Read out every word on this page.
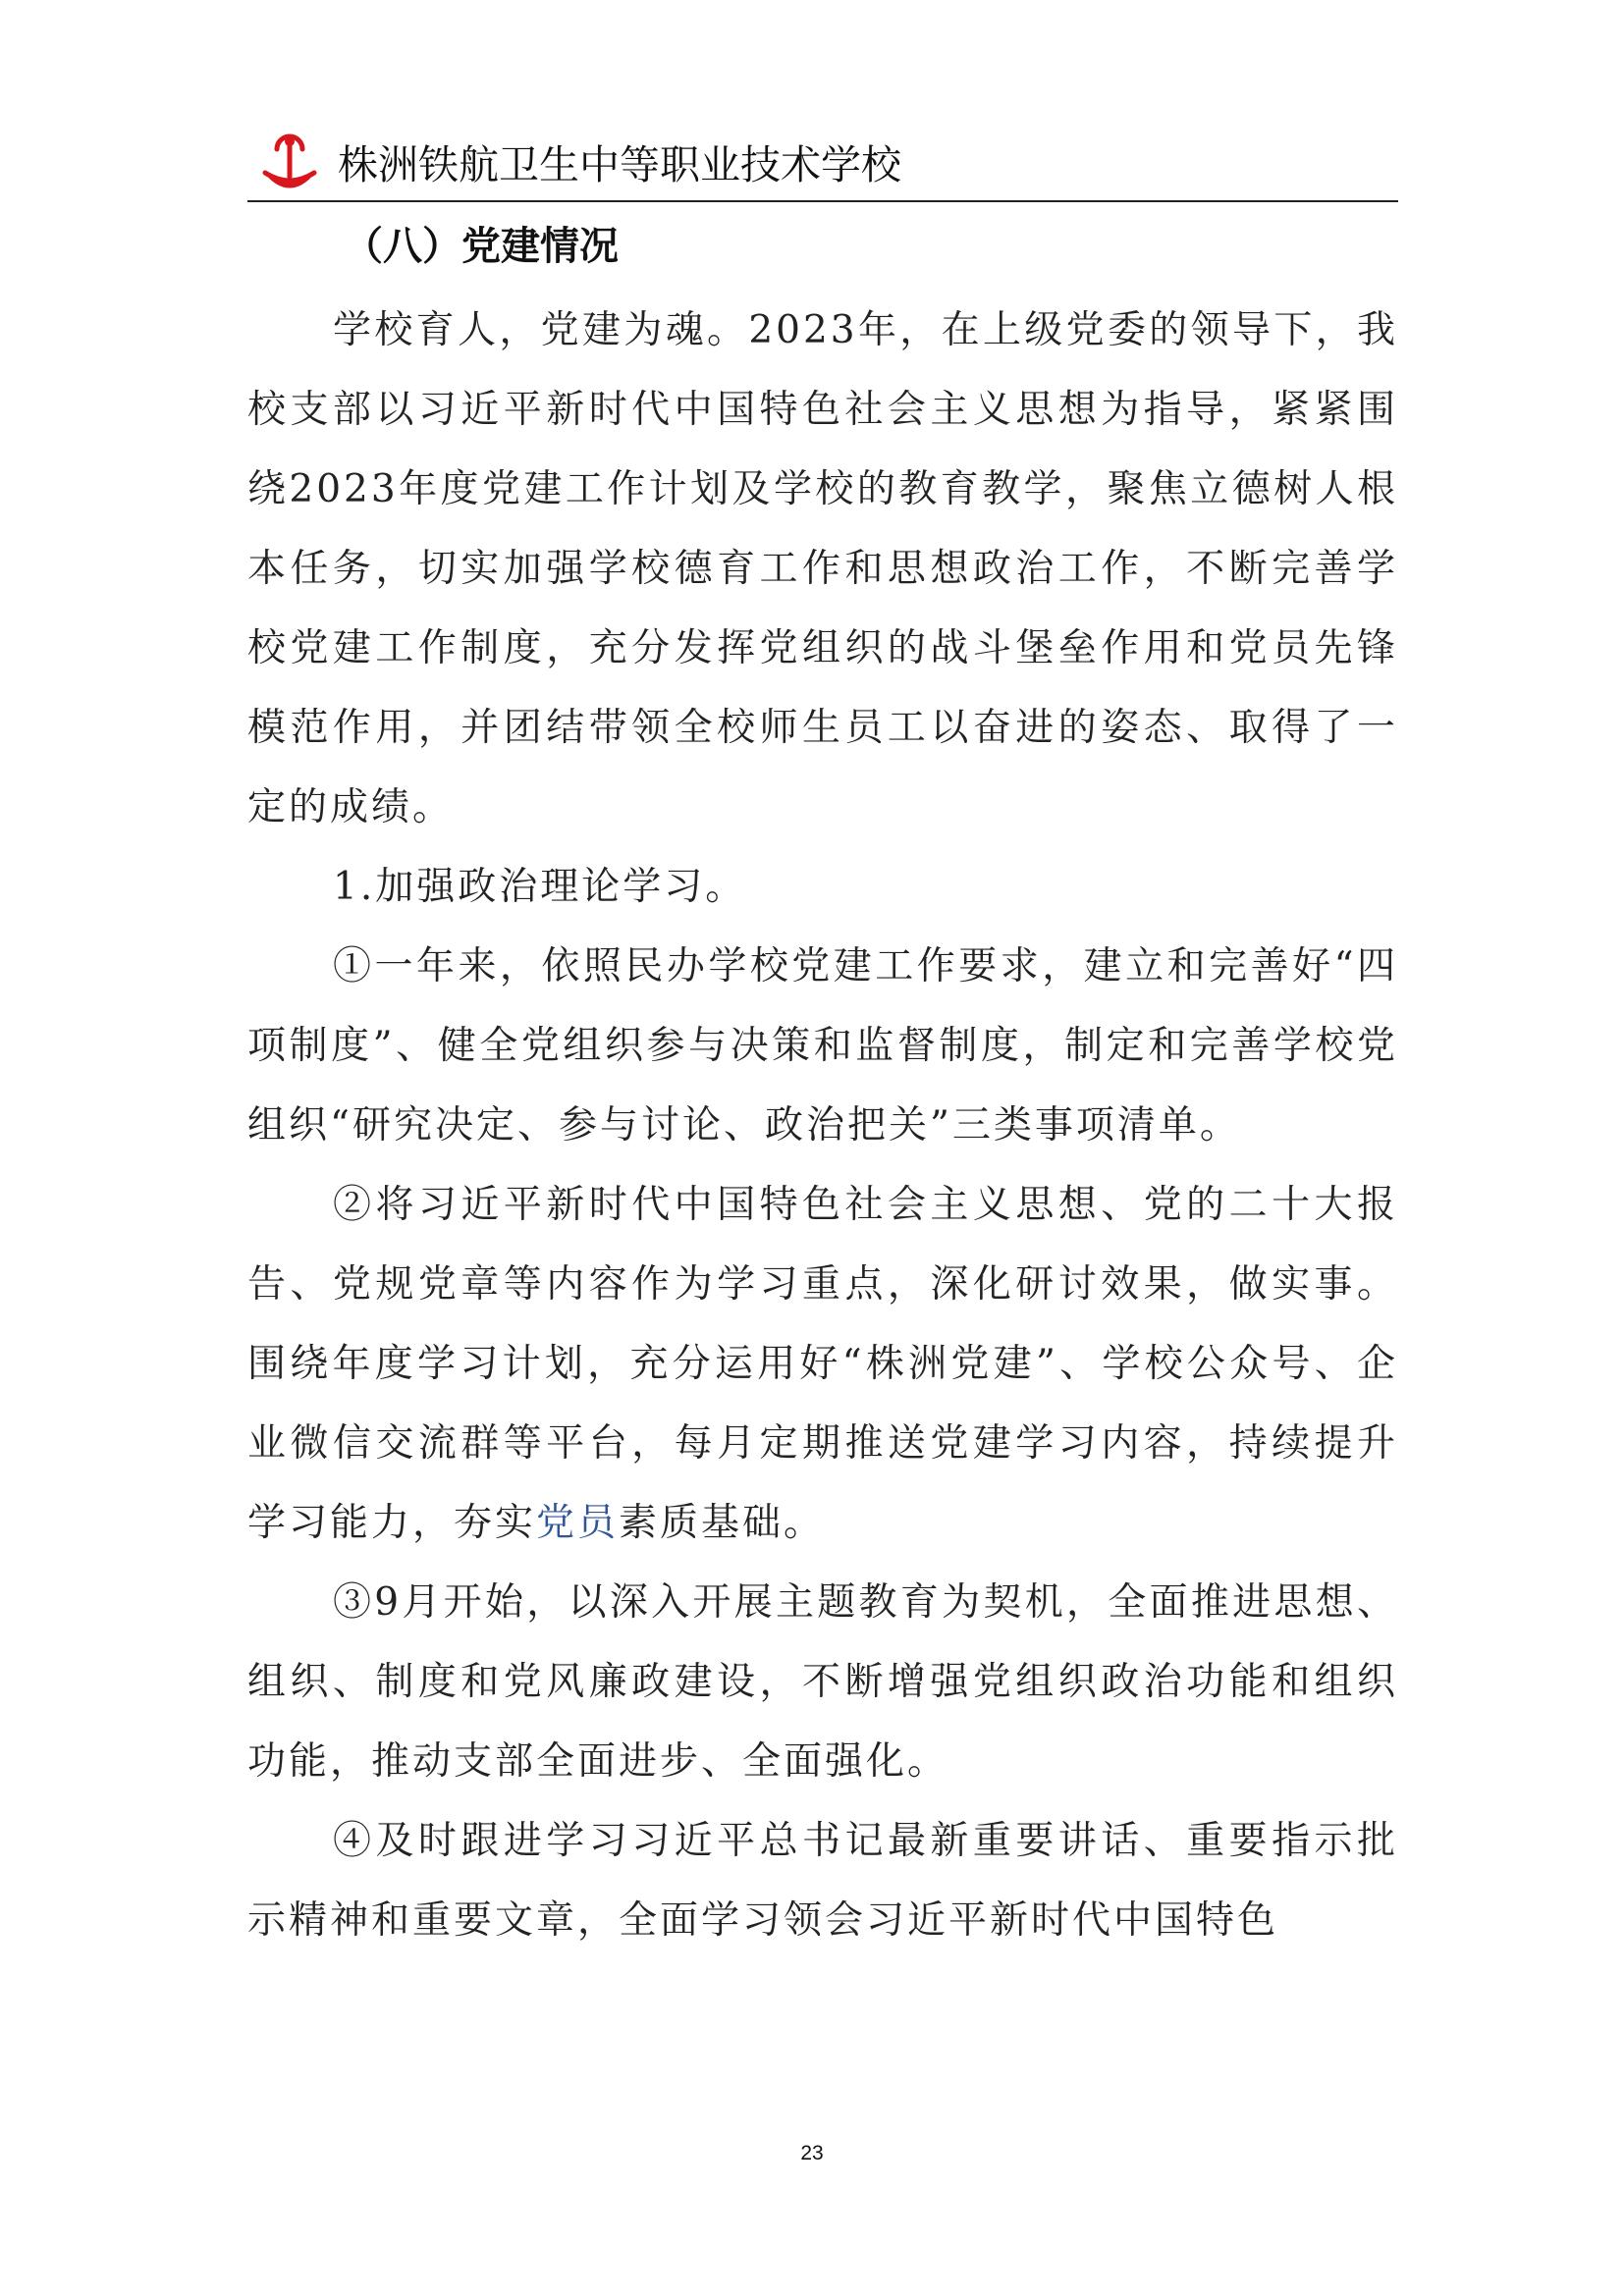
株洲铁航卫生中等职业技术学校
（八）党建情况

学校育人，党建为魂。2023年，在上级党委的领导下，我校支部以习近平新时代中国特色社会主义思想为指导，紧紧围绕2023年度党建工作计划及学校的教育教学，聚焦立德树人根本任务，切实加强学校德育工作和思想政治工作，不断完善学校党建工作制度，充分发挥党组织的战斗堡垒作用和党员先锋模范作用，并团结带领全校师生员工以奋进的姿态、取得了一定的成绩。

1.加强政治理论学习。

①一年来，依照民办学校党建工作要求，建立和完善好“四项制度”、健全党组织参与决策和监督制度，制定和完善学校党组织“研究决定、参与讨论、政治把关”三类事项清单。

②将习近平新时代中国特色社会主义思想、党的二十大报告、党规党章等内容作为学习重点，深化研讨效果，做实事。围绕年度学习计划，充分运用好“株洲党建”、学校公众号、企业微信交流群等平台，每月定期推送党建学习内容，持续提升学习能力，夯实党员素质基础。

③9月开始，以深入开展主题教育为契机，全面推进思想、组织、制度和党风廉政建设，不断增强党组织政治功能和组织功能，推动支部全面进步、全面强化。

④及时跟进学习习近平总书记最新重要讲话、重要指示批示精神和重要文章，全面学习领会习近平新时代中国特色

23
